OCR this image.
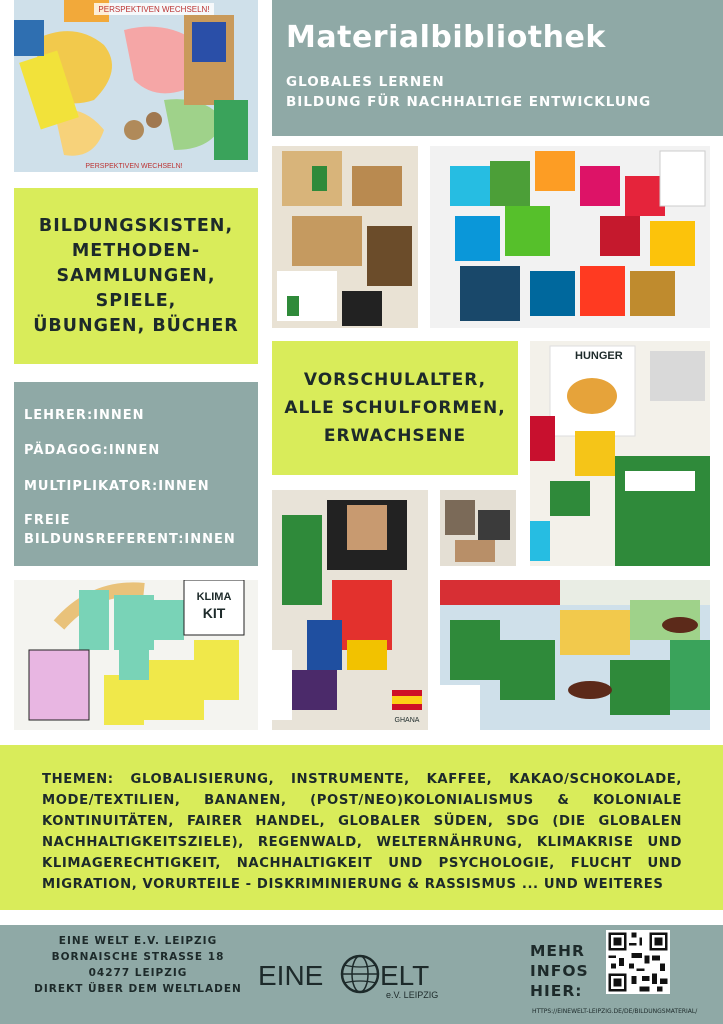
Materialbibliothek
GLOBALES LERNEN
BILDUNG FÜR NACHHALTIGE ENTWICKLUNG
PERSPEKTIVEN WECHSELN!
PERSPEKTIVEN WECHSELN!
HUNGER
GHANA
KLIMA
KIT
BILDUNGSKISTEN,
METHODEN-
SAMMLUNGEN,
SPIELE,
ÜBUNGEN, BÜCHER
LEHRER:INNEN
PÄDAGOG:INNEN
MULTIPLIKATOR:INNEN
FREIE
BILDUNSREFERENT:INNEN
VORSCHULALTER,
ALLE SCHULFORMEN,
ERWACHSENE
THEMEN: GLOBALISIERUNG, INSTRUMENTE, KAFFEE, KAKAO/SCHOKOLADE, MODE/TEXTILIEN, BANANEN, (POST/NEO)KOLONIALISMUS & KOLONIALE KONTINUITÄTEN, FAIRER HANDEL, GLOBALER SÜDEN, SDG (DIE GLOBALEN NACHHALTIGKEITSZIELE), REGENWALD, WELTERNÄHRUNG, KLIMAKRISE UND KLIMAGERECHTIGKEIT, NACHHALTIGKEIT UND PSYCHOLOGIE, FLUCHT UND MIGRATION, VORURTEILE - DISKRIMINIERUNG & RASSISMUS ... UND WEITERES
EINE WELT E.V. LEIPZIG
BORNAISCHE STRASSE 18
04277 LEIPZIG
DIREKT ÜBER DEM WELTLADEN EINE ELT
e.V. LEIPZIG
MEHR
INFOS
HIER:
HTTPS://EINEWELT-LEIPZIG.DE/DE/BILDUNGSMATERIAL/
